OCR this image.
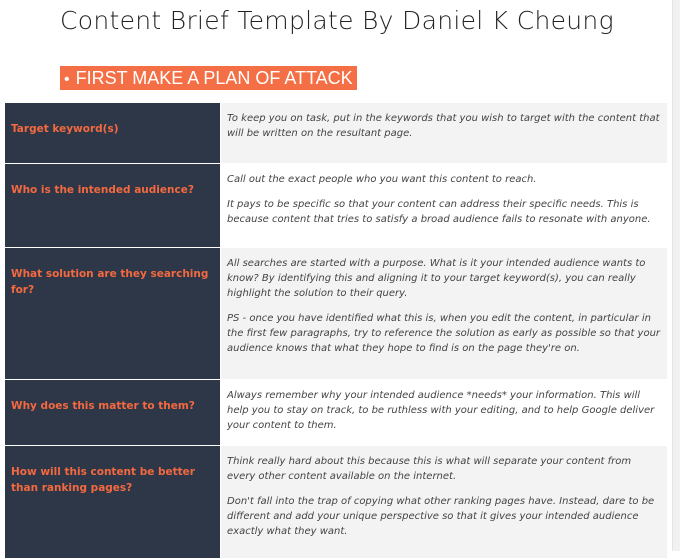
Content Brief Template By Daniel K Cheung
• FIRST MAKE A PLAN OF ATTACK
Target keyword(s)	To keep you on task, put in the keywords that you wish to target with the content that will be written on the resultant page.

Who is the intended audience?	Call out the exact people who you want this content to reach.

It pays to be specific so that your content can address their specific needs. This is because content that tries to satisfy a broad audience fails to resonate with anyone.

What solution are they searching for?	All searches are started with a purpose. What is it your intended audience wants to know? By identifying this and aligning it to your target keyword(s), you can really highlight the solution to their query.

PS - once you have identified what this is, when you edit the content, in particular in the first few paragraphs, try to reference the solution as early as possible so that your audience knows that what they hope to find is on the page they're on.

Why does this matter to them?	Always remember why your intended audience *needs* your information. This will help you to stay on track, to be ruthless with your editing, and to help Google deliver your content to them.

How will this content be better than ranking pages?	Think really hard about this because this is what will separate your content from every other content available on the internet.

Don't fall into the trap of copying what other ranking pages have. Instead, dare to be different and add your unique perspective so that it gives your intended audience exactly what they want.
